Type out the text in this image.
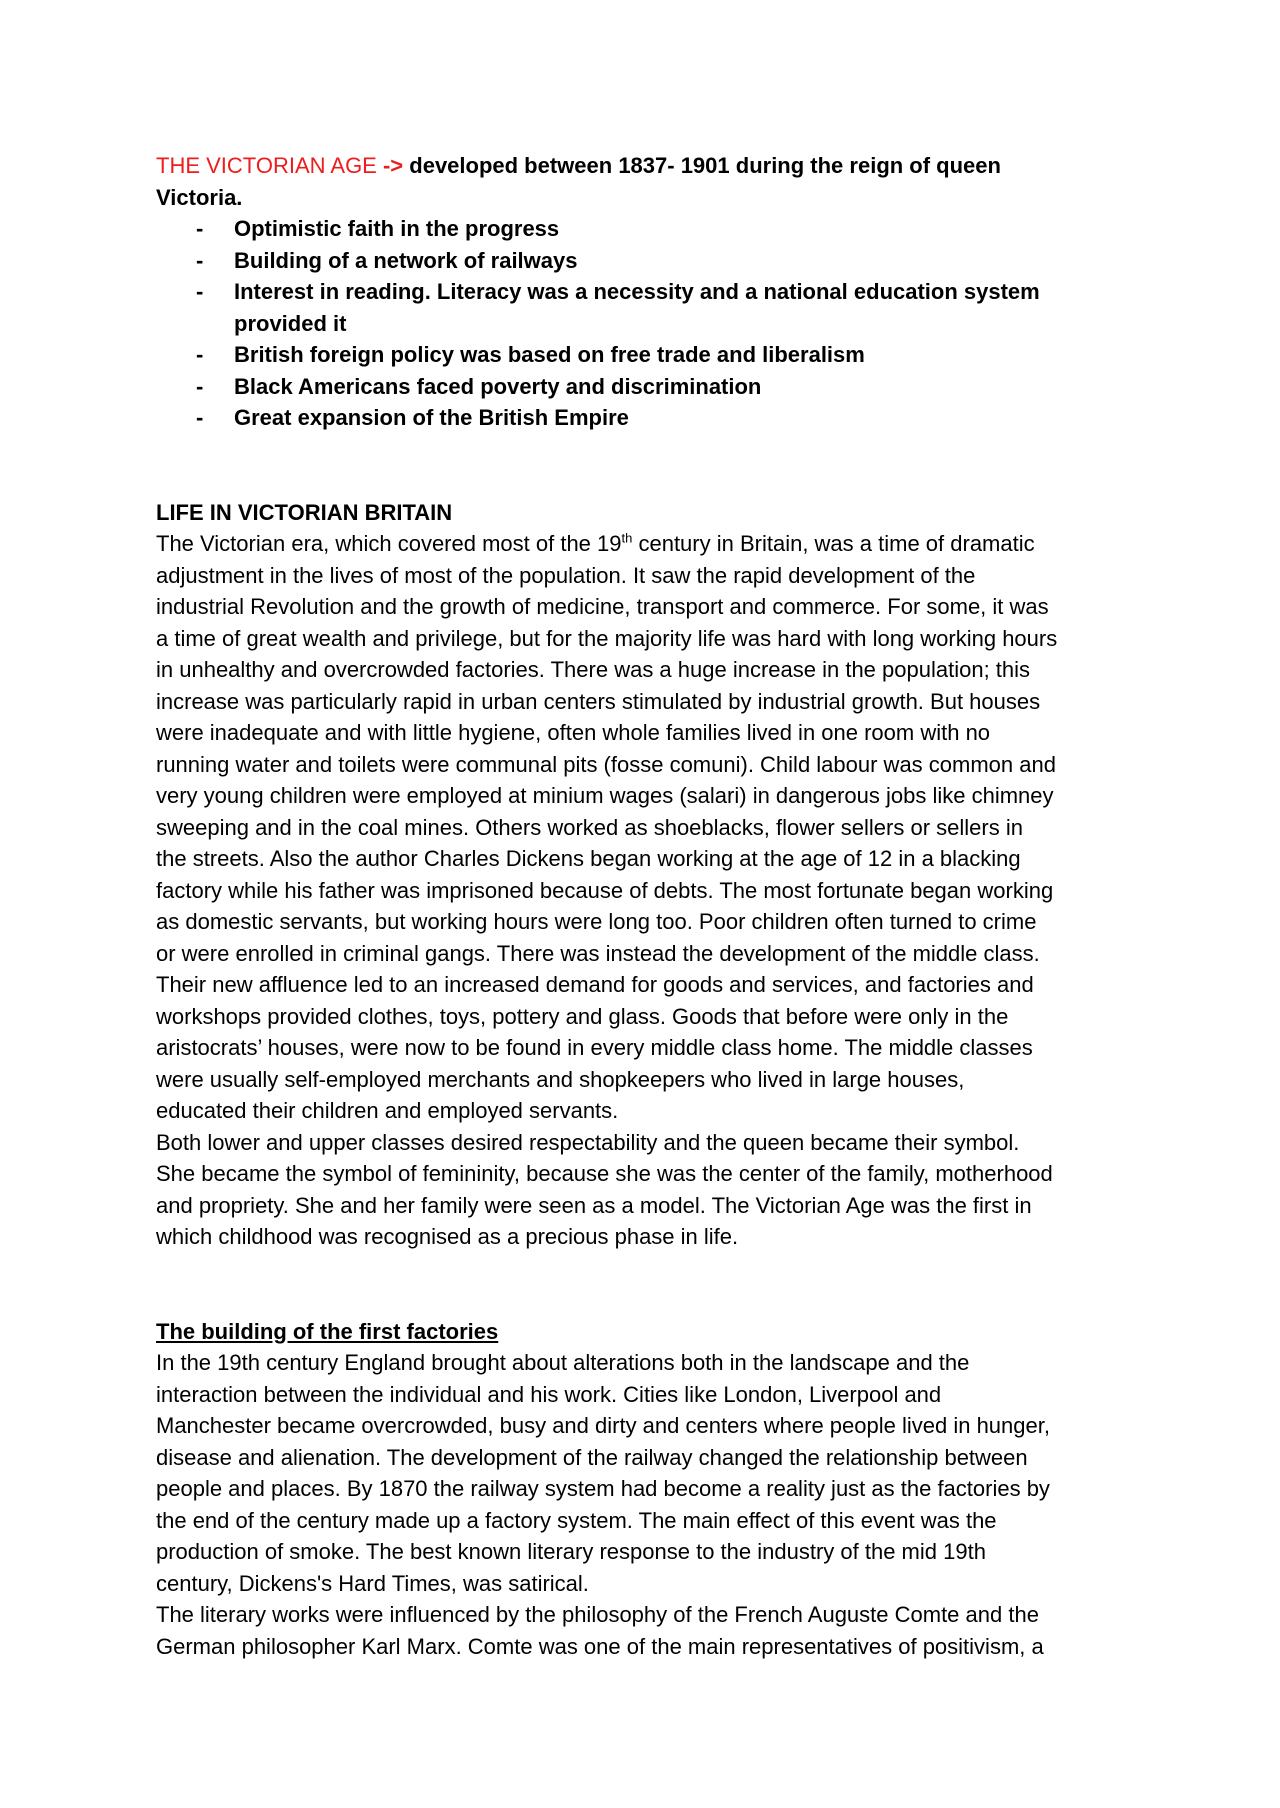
THE VICTORIAN AGE -> developed between 1837- 1901 during the reign of queen
Victoria.
- Optimistic faith in the progress
- Building of a network of railways
- Interest in reading. Literacy was a necessity and a national education system
provided it
- British foreign policy was based on free trade and liberalism
- Black Americans faced poverty and discrimination
- Great expansion of the British Empire
LIFE IN VICTORIAN BRITAIN
The Victorian era, which covered most of the 19th century in Britain, was a time of dramatic
adjustment in the lives of most of the population. It saw the rapid development of the
industrial Revolution and the growth of medicine, transport and commerce. For some, it was
a time of great wealth and privilege, but for the majority life was hard with long working hours
in unhealthy and overcrowded factories. There was a huge increase in the population; this
increase was particularly rapid in urban centers stimulated by industrial growth. But houses
were inadequate and with little hygiene, often whole families lived in one room with no
running water and toilets were communal pits (fosse comuni). Child labour was common and
very young children were employed at minium wages (salari) in dangerous jobs like chimney
sweeping and in the coal mines. Others worked as shoeblacks, flower sellers or sellers in
the streets. Also the author Charles Dickens began working at the age of 12 in a blacking
factory while his father was imprisoned because of debts. The most fortunate began working
as domestic servants, but working hours were long too. Poor children often turned to crime
or were enrolled in criminal gangs. There was instead the development of the middle class.
Their new affluence led to an increased demand for goods and services, and factories and
workshops provided clothes, toys, pottery and glass. Goods that before were only in the
aristocrats’ houses, were now to be found in every middle class home. The middle classes
were usually self-employed merchants and shopkeepers who lived in large houses,
educated their children and employed servants.
Both lower and upper classes desired respectability and the queen became their symbol.
She became the symbol of femininity, because she was the center of the family, motherhood
and propriety. She and her family were seen as a model. The Victorian Age was the first in
which childhood was recognised as a precious phase in life.
The building of the first factories
In the 19th century England brought about alterations both in the landscape and the
interaction between the individual and his work. Cities like London, Liverpool and
Manchester became overcrowded, busy and dirty and centers where people lived in hunger,
disease and alienation. The development of the railway changed the relationship between
people and places. By 1870 the railway system had become a reality just as the factories by
the end of the century made up a factory system. The main effect of this event was the
production of smoke. The best known literary response to the industry of the mid 19th
century, Dickens's Hard Times, was satirical.
The literary works were influenced by the philosophy of the French Auguste Comte and the
German philosopher Karl Marx. Comte was one of the main representatives of positivism, a
